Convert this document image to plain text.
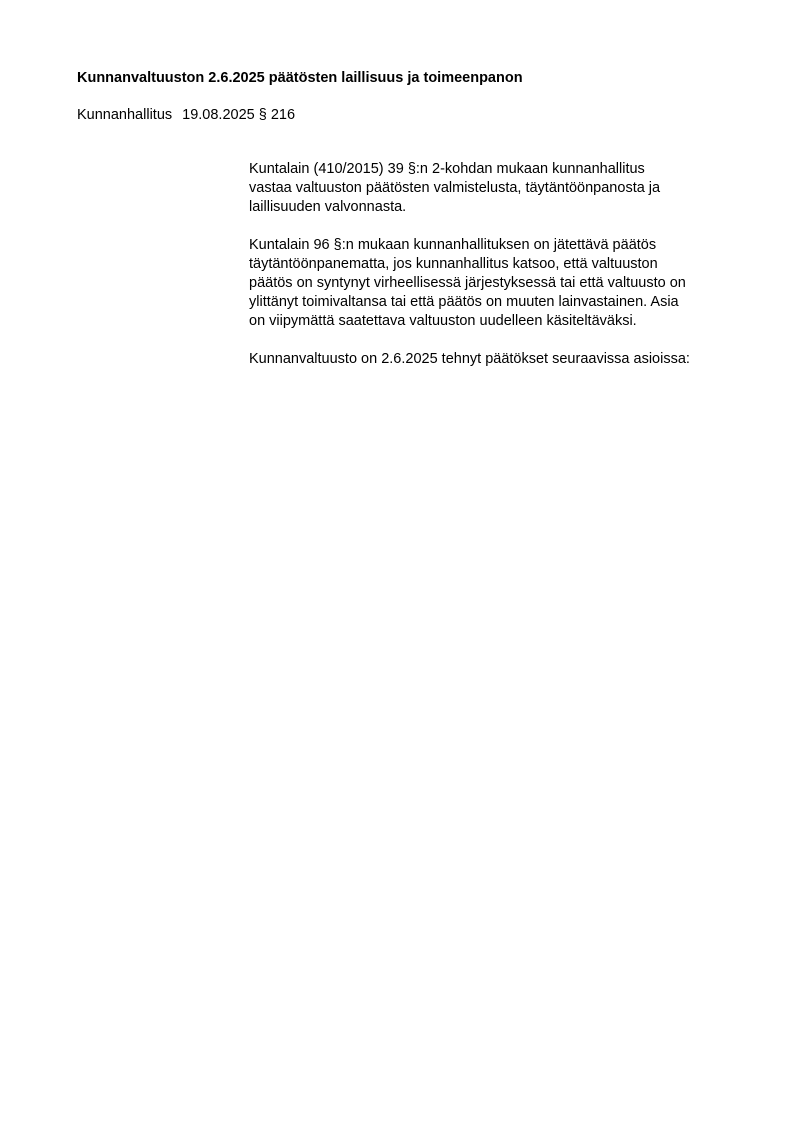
Kunnanvaltuuston 2.6.2025 päätösten laillisuus ja toimeenpanon
Kunnanhallitus 19.08.2025 § 216

Kuntalain (410/2015) 39 §:n 2-kohdan mukaan kunnanhallitus

vastaa valtuuston päätösten valmistelusta, täytäntöönpanosta ja

laillisuuden valvonnasta.

Kuntalain 96 §:n mukaan kunnanhallituksen on jätettävä päätös

täytäntöönpanematta, jos kunnanhallitus katsoo, että valtuuston

päätös on syntynyt virheellisessä järjestyksessä tai että valtuusto on

ylittänyt toimivaltansa tai että päätös on muuten lainvastainen. Asia

on viipymättä saatettava valtuuston uudelleen käsiteltäväksi.

Kunnanvaltuusto on 2.6.2025 tehnyt päätökset seuraavissa asioissa:
